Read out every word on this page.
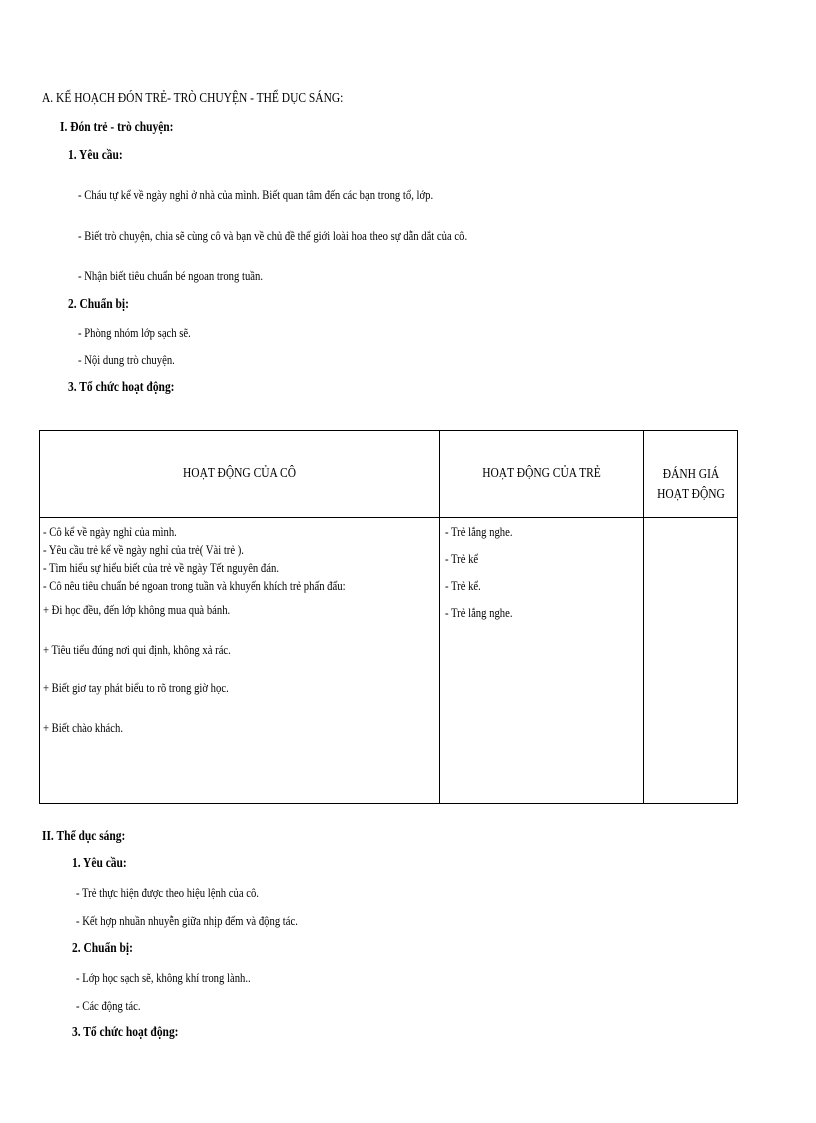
A. KẾ HOẠCH ĐÓN TRẺ- TRÒ CHUYỆN - THỂ DỤC SÁNG:
I. Đón trẻ - trò chuyện:
1. Yêu cầu:
- Cháu tự kể về ngày nghỉ ở nhà của mình. Biết quan tâm đến các bạn trong tổ, lớp.
- Biết trò chuyện, chia sẽ cùng cô và bạn về chủ đề thế giới loài hoa theo sự dẫn dắt của cô.
- Nhận biết tiêu chuẩn bé ngoan trong tuần.
2. Chuẩn bị:
- Phòng nhóm lớp sạch sẽ.
- Nội dung trò chuyện.
3. Tổ chức hoạt động:
HOẠT ĐỘNG CỦA CÔ	HOẠT ĐỘNG CỦA TRẺ	ĐÁNH GIÁ
HOẠT ĐỘNG
- Cô kể về ngày nghỉ của mình.
- Yêu cầu trẻ kể về ngày nghỉ của trẻ( Vài trẻ ).
- Tìm hiểu sự hiểu biết của trẻ về ngày Tết nguyên đán.
- Cô nêu tiêu chuẩn bé ngoan trong tuần và khuyến khích trẻ phấn đấu:
+ Đi học đều, đến lớp không mua quà bánh.
+ Tiêu tiểu đúng nơi qui định, không xả rác.
+ Biết giơ tay phát biểu to rõ trong giờ học.
+ Biết chào khách.
- Trẻ lắng nghe.
- Trẻ kể
- Trẻ kể.
- Trẻ lắng nghe.
II. Thể dục sáng:
1. Yêu cầu:
- Trẻ thực hiện được theo hiệu lệnh của cô.
- Kết hợp nhuần nhuyễn giữa nhịp đếm và động tác.
2. Chuẩn bị:
- Lớp học sạch sẽ, không khí trong lành..
- Các động tác.
3. Tổ chức hoạt động:
